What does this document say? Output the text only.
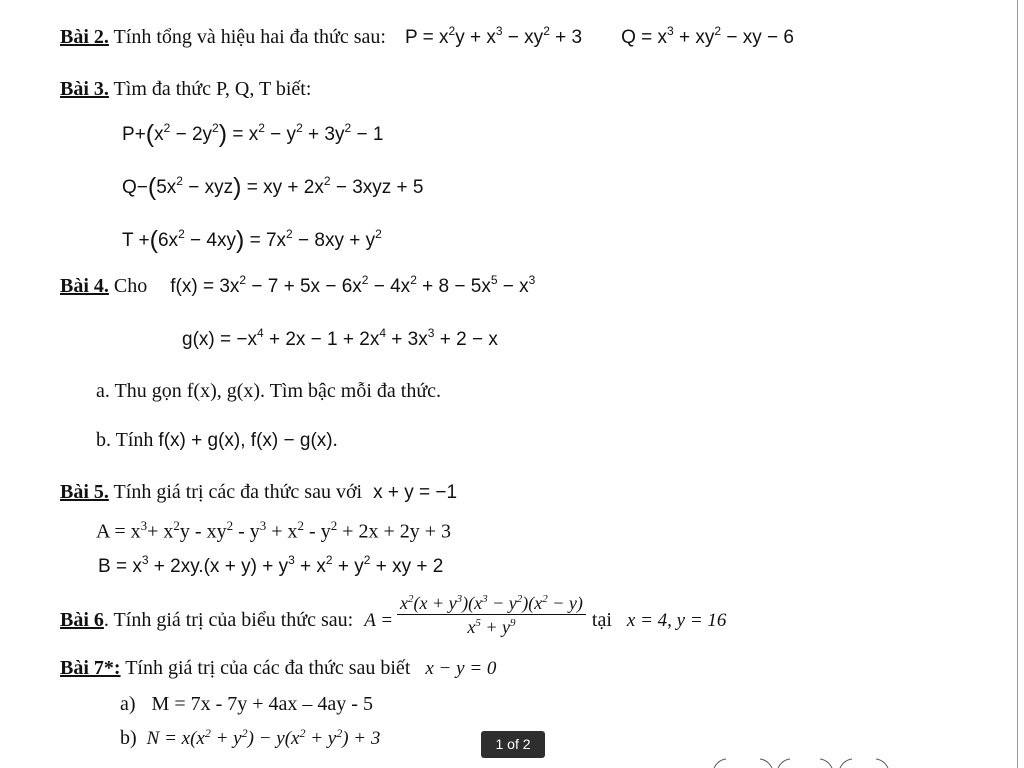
Bài 2. Tính tổng và hiệu hai đa thức sau: $P = x^2y + x^3 - xy^2 + 3$ $Q = x^3 + xy^2$ − xy − 6
Bài 3. Tìm đa thức P, Q, T biết:
$P+(x^2 - 2y^2) = x^2 - y^2 + 3y^2 - 1$
$Q-(5x^2 - xyz)$ = xy + $2x^2 - 3xyz + 5$
$T +(6x^2 - 4xy) = 7x^2 - 8xy + y^2$
Bài 4. Cho $f(x) = 3x^2 - 7 + 5x - 6x^2 - 4x^2 + 8 - 5x^5 - x^3$
$g(x) = -x^4 + 2x - 1 + 2x^4 + 3x^3 + 2 - x$
a. Thu gọn f(x), g(x). Tìm bậc mỗi đa thức.
b. Tính f(x) + g(x), f(x) − g(x).
Bài 5. Tính giá trị các đa thức sau với x + y = −1
$A = x^3+ x^2y - xy^2 - y^3 + x^2 - y^2 + 2x + 2y + 3$
$B = x^3 + 2xy.(x + y) + y^3 + x^2 + y^2$ + xy + 2
Bài 6. Tính giá trị của biểu thức sau: $A = \frac{x^2(x + y^3)(x^3 - y^2)(x^2 - y)}{x^5 + y^9}$ tại x = 4, y = 16
Bài 7*: Tính giá trị của các đa thức sau biết x − y = 0
a) M = 7x - 7y + 4ax – 4ay - 5
b) $N = x(x^2 + y^2) - y(x^2 + y^2) + 3$	1 of 2
